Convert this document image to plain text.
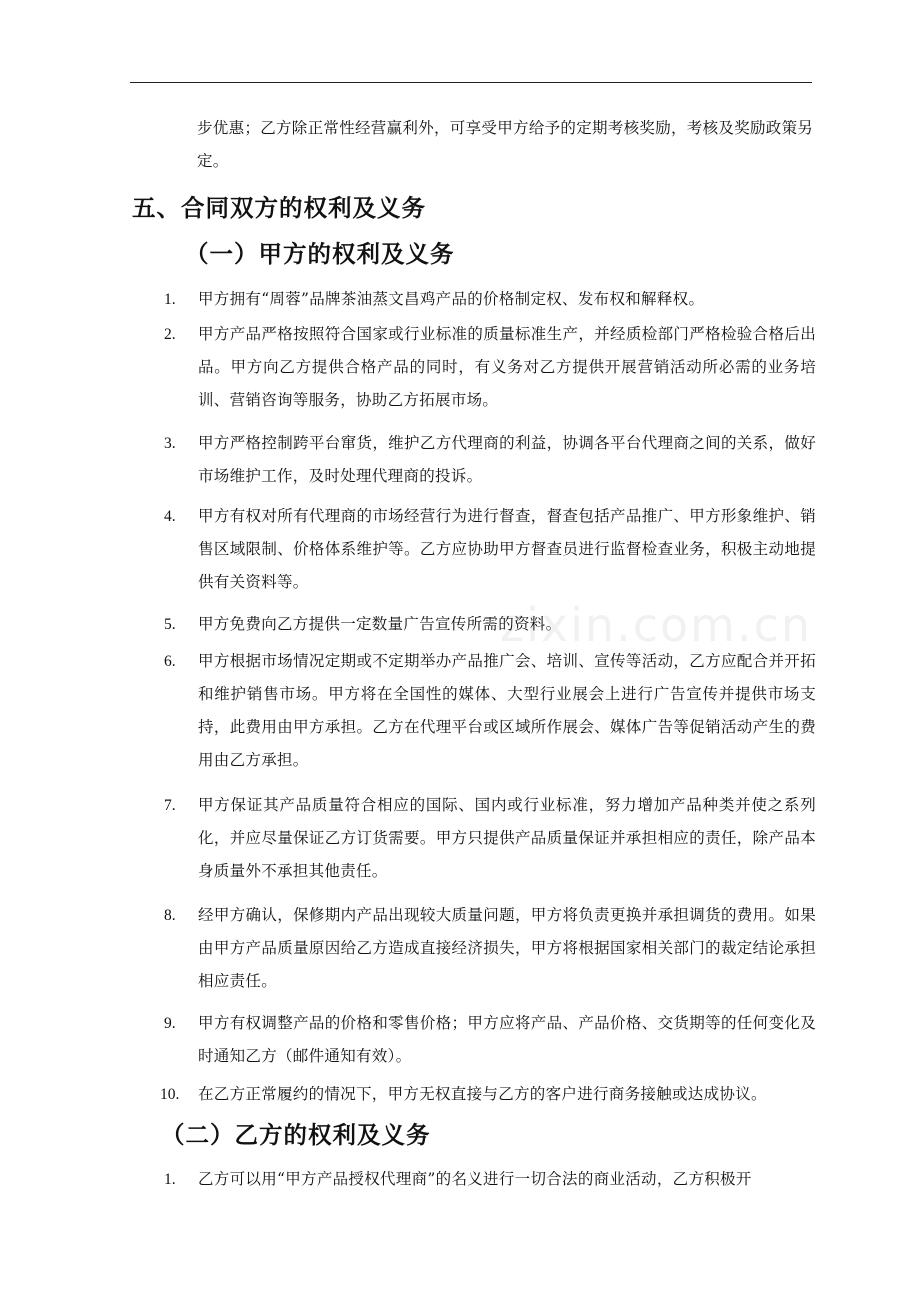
zixin.com.cn
步优惠；乙方除正常性经营赢利外，可享受甲方给予的定期考核奖励，考核及奖励政策另定。
五、合同双方的权利及义务
（一）甲方的权利及义务
1.	甲方拥有“周蓉”品牌茶油蒸文昌鸡产品的价格制定权、发布权和解释权。
2.	甲方产品严格按照符合国家或行业标准的质量标准生产，并经质检部门严格检验合格后出品。甲方向乙方提供合格产品的同时，有义务对乙方提供开展营销活动所必需的业务培训、营销咨询等服务，协助乙方拓展市场。
3.	甲方严格控制跨平台窜货，维护乙方代理商的利益，协调各平台代理商之间的关系，做好市场维护工作，及时处理代理商的投诉。
4.	甲方有权对所有代理商的市场经营行为进行督查，督查包括产品推广、甲方形象维护、销售区域限制、价格体系维护等。乙方应协助甲方督查员进行监督检查业务，积极主动地提供有关资料等。
5.	甲方免费向乙方提供一定数量广告宣传所需的资料。
6.	甲方根据市场情况定期或不定期举办产品推广会、培训、宣传等活动，乙方应配合并开拓和维护销售市场。甲方将在全国性的媒体、大型行业展会上进行广告宣传并提供市场支持，此费用由甲方承担。乙方在代理平台或区域所作展会、媒体广告等促销活动产生的费用由乙方承担。
7.	甲方保证其产品质量符合相应的国际、国内或行业标准，努力增加产品种类并使之系列化，并应尽量保证乙方订货需要。甲方只提供产品质量保证并承担相应的责任，除产品本身质量外不承担其他责任。
8.	经甲方确认，保修期内产品出现较大质量问题，甲方将负责更换并承担调货的费用。如果由甲方产品质量原因给乙方造成直接经济损失，甲方将根据国家相关部门的裁定结论承担相应责任。
9.	甲方有权调整产品的价格和零售价格；甲方应将产品、产品价格、交货期等的任何变化及时通知乙方（邮件通知有效）。
10.	在乙方正常履约的情况下，甲方无权直接与乙方的客户进行商务接触或达成协议。
（二）乙方的权利及义务
1.	乙方可以用“甲方产品授权代理商”的名义进行一切合法的商业活动，乙方积极开
